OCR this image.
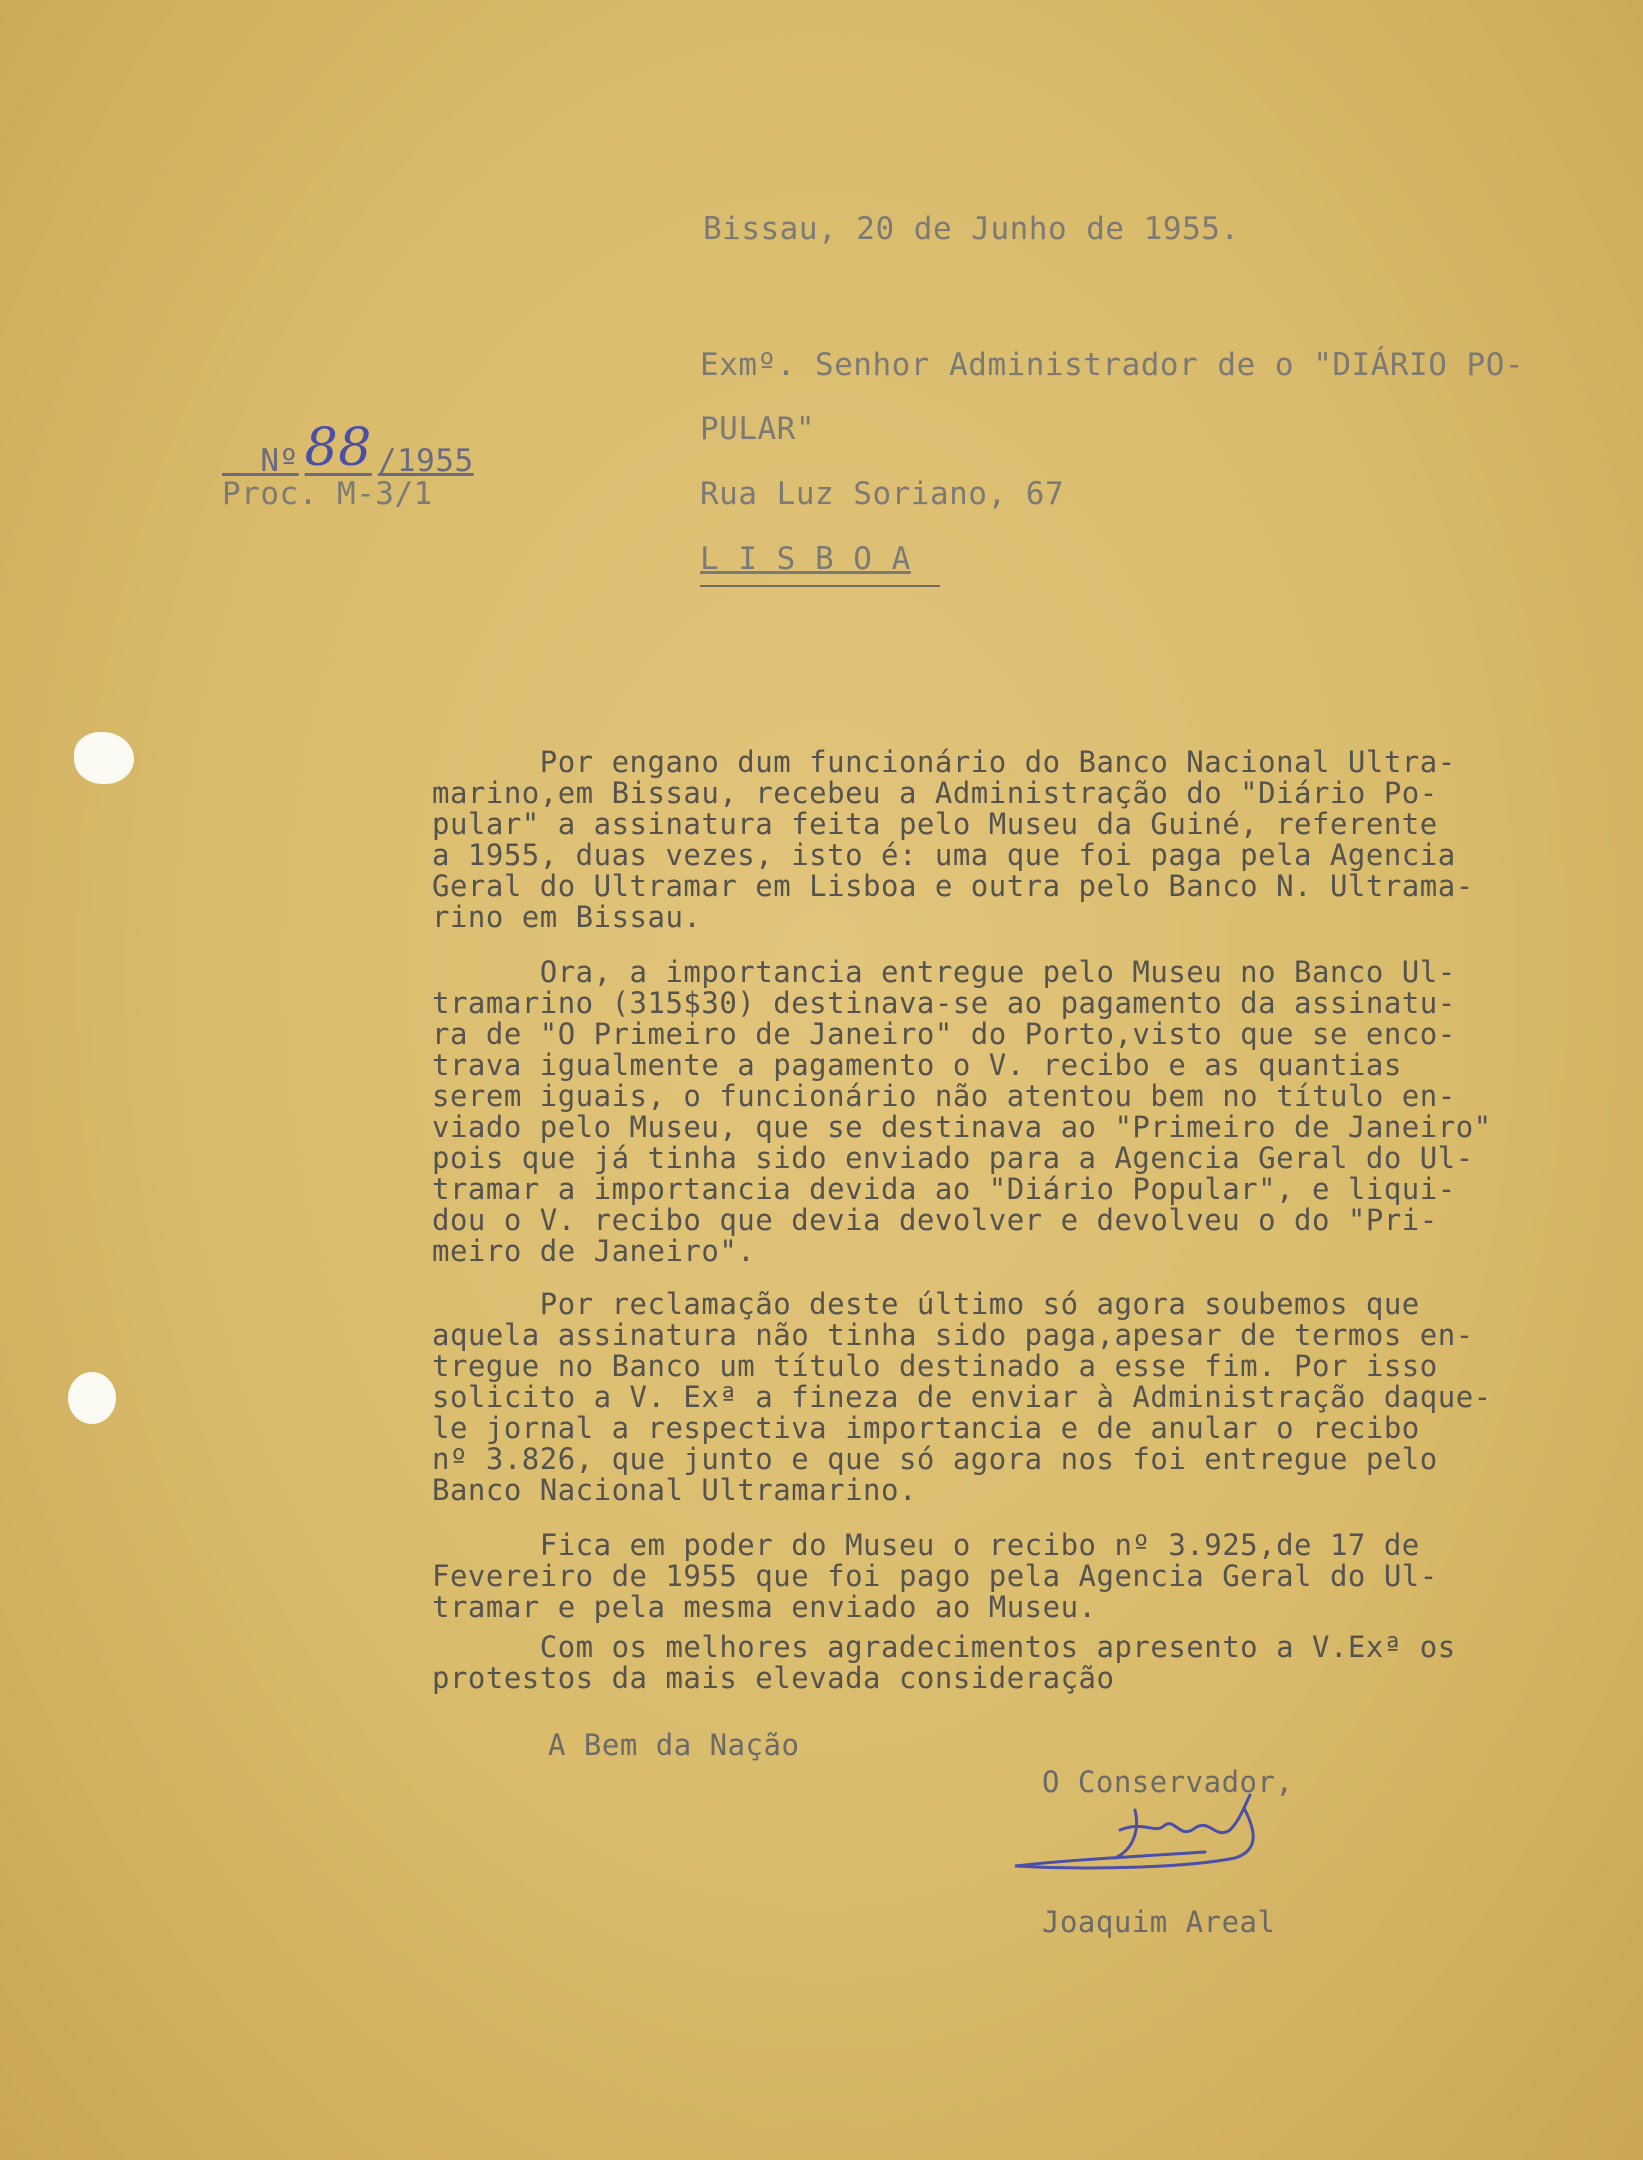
Bissau, 20 de Junho de 1955.
Exmº. Senhor Administrador de o "DIÁRIO PO-
PULAR"
Rua Luz Soriano, 67
L I S B O A

Nº 88 /1955

Proc. M-3/1
Por engano dum funcionário do Banco Nacional Ultra-
marino,em Bissau, recebeu a Administração do "Diário Po-
pular" a assinatura feita pelo Museu da Guiné, referente
a 1955, duas vezes, isto é: uma que foi paga pela Agencia
Geral do Ultramar em Lisboa e outra pelo Banco N. Ultrama-
rino em Bissau.
Ora, a importancia entregue pelo Museu no Banco Ul-
tramarino (315$30) destinava-se ao pagamento da assinatu-
ra de "O Primeiro de Janeiro" do Porto,visto que se enco-
trava igualmente a pagamento o V. recibo e as quantias
serem iguais, o funcionário não atentou bem no título en-
viado pelo Museu, que se destinava ao "Primeiro de Janeiro"
pois que já tinha sido enviado para a Agencia Geral do Ul-
tramar a importancia devida ao "Diário Popular", e liqui-
dou o V. recibo que devia devolver e devolveu o do "Pri-
meiro de Janeiro".
Por reclamação deste último só agora soubemos que
aquela assinatura não tinha sido paga,apesar de termos en-
tregue no Banco um título destinado a esse fim. Por isso
solicito a V. Exª a fineza de enviar à Administração daque-
le jornal a respectiva importancia e de anular o recibo
nº 3.826, que junto e que só agora nos foi entregue pelo
Banco Nacional Ultramarino.
Fica em poder do Museu o recibo nº 3.925,de 17 de
Fevereiro de 1955 que foi pago pela Agencia Geral do Ul-
tramar e pela mesma enviado ao Museu.
Com os melhores agradecimentos apresento a V.Exª os
protestos da mais elevada consideração
A Bem da Nação
O Conservador,
Joaquim Areal
